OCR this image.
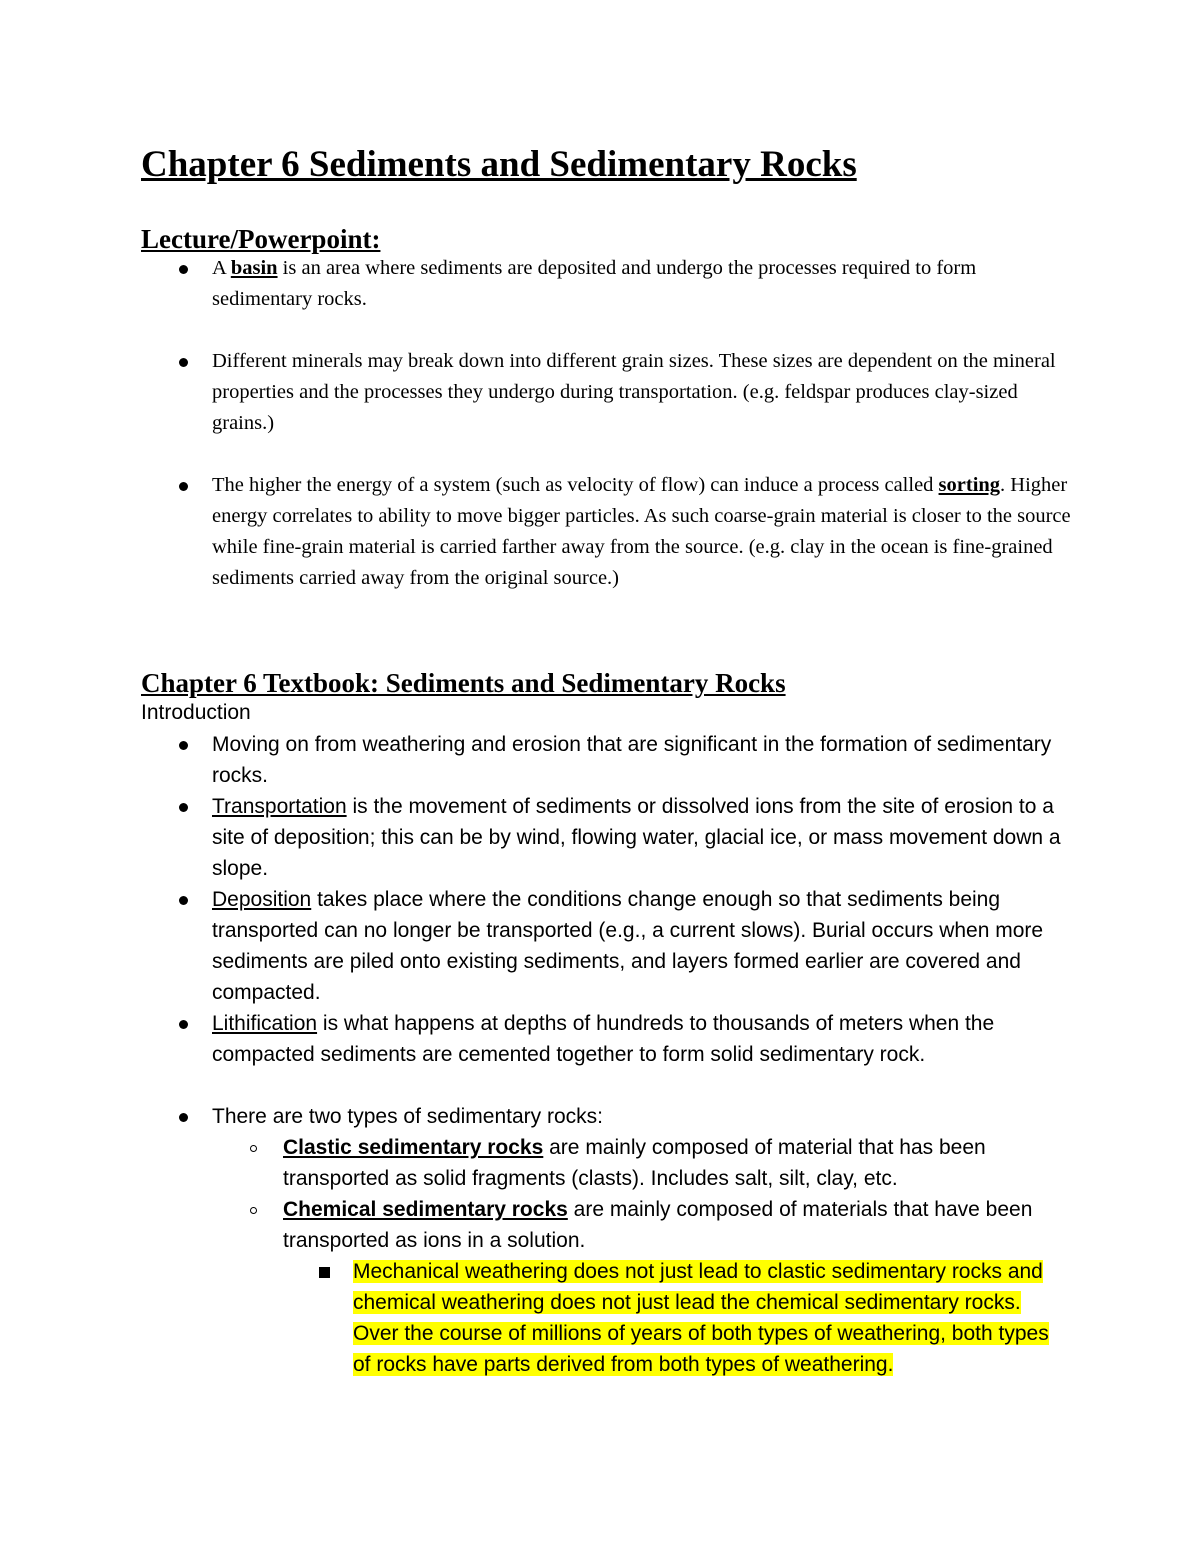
Chapter 6 Sediments and Sedimentary Rocks
Lecture/Powerpoint:
A basin is an area where sediments are deposited and undergo the processes required to form sedimentary rocks.
Different minerals may break down into different grain sizes. These sizes are dependent on the mineral properties and the processes they undergo during transportation. (e.g. feldspar produces clay-sized grains.)
The higher the energy of a system (such as velocity of flow) can induce a process called sorting. Higher energy correlates to ability to move bigger particles. As such coarse-grain material is closer to the source while fine-grain material is carried farther away from the source. (e.g. clay in the ocean is fine-grained sediments carried away from the original source.)
Chapter 6 Textbook: Sediments and Sedimentary Rocks
Introduction
Moving on from weathering and erosion that are significant in the formation of sedimentary rocks.
Transportation is the movement of sediments or dissolved ions from the site of erosion to a site of deposition; this can be by wind, flowing water, glacial ice, or mass movement down a slope.
Deposition takes place where the conditions change enough so that sediments being transported can no longer be transported (e.g., a current slows). Burial occurs when more sediments are piled onto existing sediments, and layers formed earlier are covered and compacted.
Lithification is what happens at depths of hundreds to thousands of meters when the compacted sediments are cemented together to form solid sedimentary rock.
There are two types of sedimentary rocks:
Clastic sedimentary rocks are mainly composed of material that has been transported as solid fragments (clasts). Includes salt, silt, clay, etc.
Chemical sedimentary rocks are mainly composed of materials that have been transported as ions in a solution.
Mechanical weathering does not just lead to clastic sedimentary rocks and chemical weathering does not just lead the chemical sedimentary rocks. Over the course of millions of years of both types of weathering, both types of rocks have parts derived from both types of weathering.
